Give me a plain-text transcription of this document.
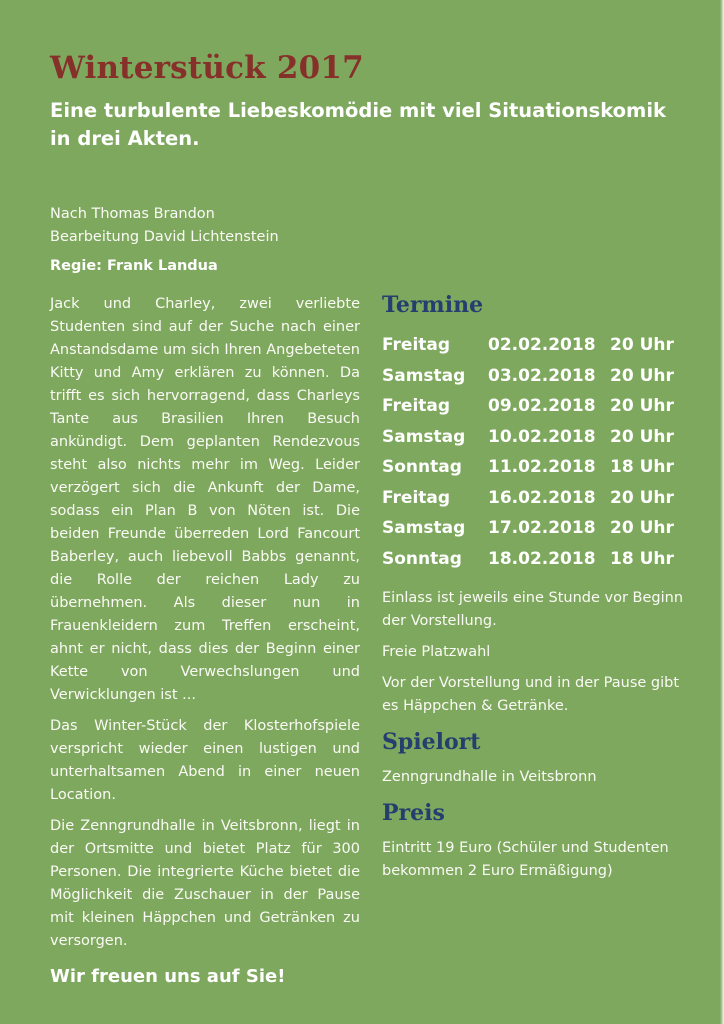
Winterstück 2017
Eine turbulente Liebeskomödie mit viel Situationskomik in drei Akten.
Nach Thomas Brandon
Bearbeitung David Lichtenstein
Regie: Frank Landua

Jack und Charley, zwei verliebte Studenten sind auf der Suche nach einer Anstandsdame um sich Ihren Angebeteten Kitty und Amy erklären zu können. Da trifft es sich hervorragend, dass Charleys Tante aus Brasilien Ihren Besuch ankündigt. Dem geplanten Rendezvous steht also nichts mehr im Weg. Leider verzögert sich die Ankunft der Dame, sodass ein Plan B von Nöten ist. Die beiden Freunde überreden Lord Fancourt Baberley, auch liebevoll Babbs genannt, die Rolle der reichen Lady zu übernehmen. Als dieser nun in Frauenkleidern zum Treffen erscheint, ahnt er nicht, dass dies der Beginn einer Kette von Verwechslungen und Verwicklungen ist ...

Das Winter-Stück der Klosterhofspiele verspricht wieder einen lustigen und unterhaltsamen Abend in einer neuen Location.

Die Zenngrundhalle in Veitsbronn, liegt in der Ortsmitte und bietet Platz für 300 Personen. Die integrierte Küche bietet die Möglichkeit die Zuschauer in der Pause mit kleinen Häppchen und Getränken zu versorgen.

Wir freuen uns auf Sie!
Termine
Freitag	02.02.2018	20 Uhr
Samstag	03.02.2018	20 Uhr
Freitag	09.02.2018	20 Uhr
Samstag	10.02.2018	20 Uhr
Sonntag	11.02.2018	18 Uhr
Freitag	16.02.2018	20 Uhr
Samstag	17.02.2018	20 Uhr
Sonntag	18.02.2018	18 Uhr

Einlass ist jeweils eine Stunde vor Beginn der Vorstellung.

Freie Platzwahl

Vor der Vorstellung und in der Pause gibt es Häppchen & Getränke.

Spielort

Zenngrundhalle in Veitsbronn

Preis

Eintritt 19 Euro (Schüler und Studenten bekommen 2 Euro Ermäßigung)
